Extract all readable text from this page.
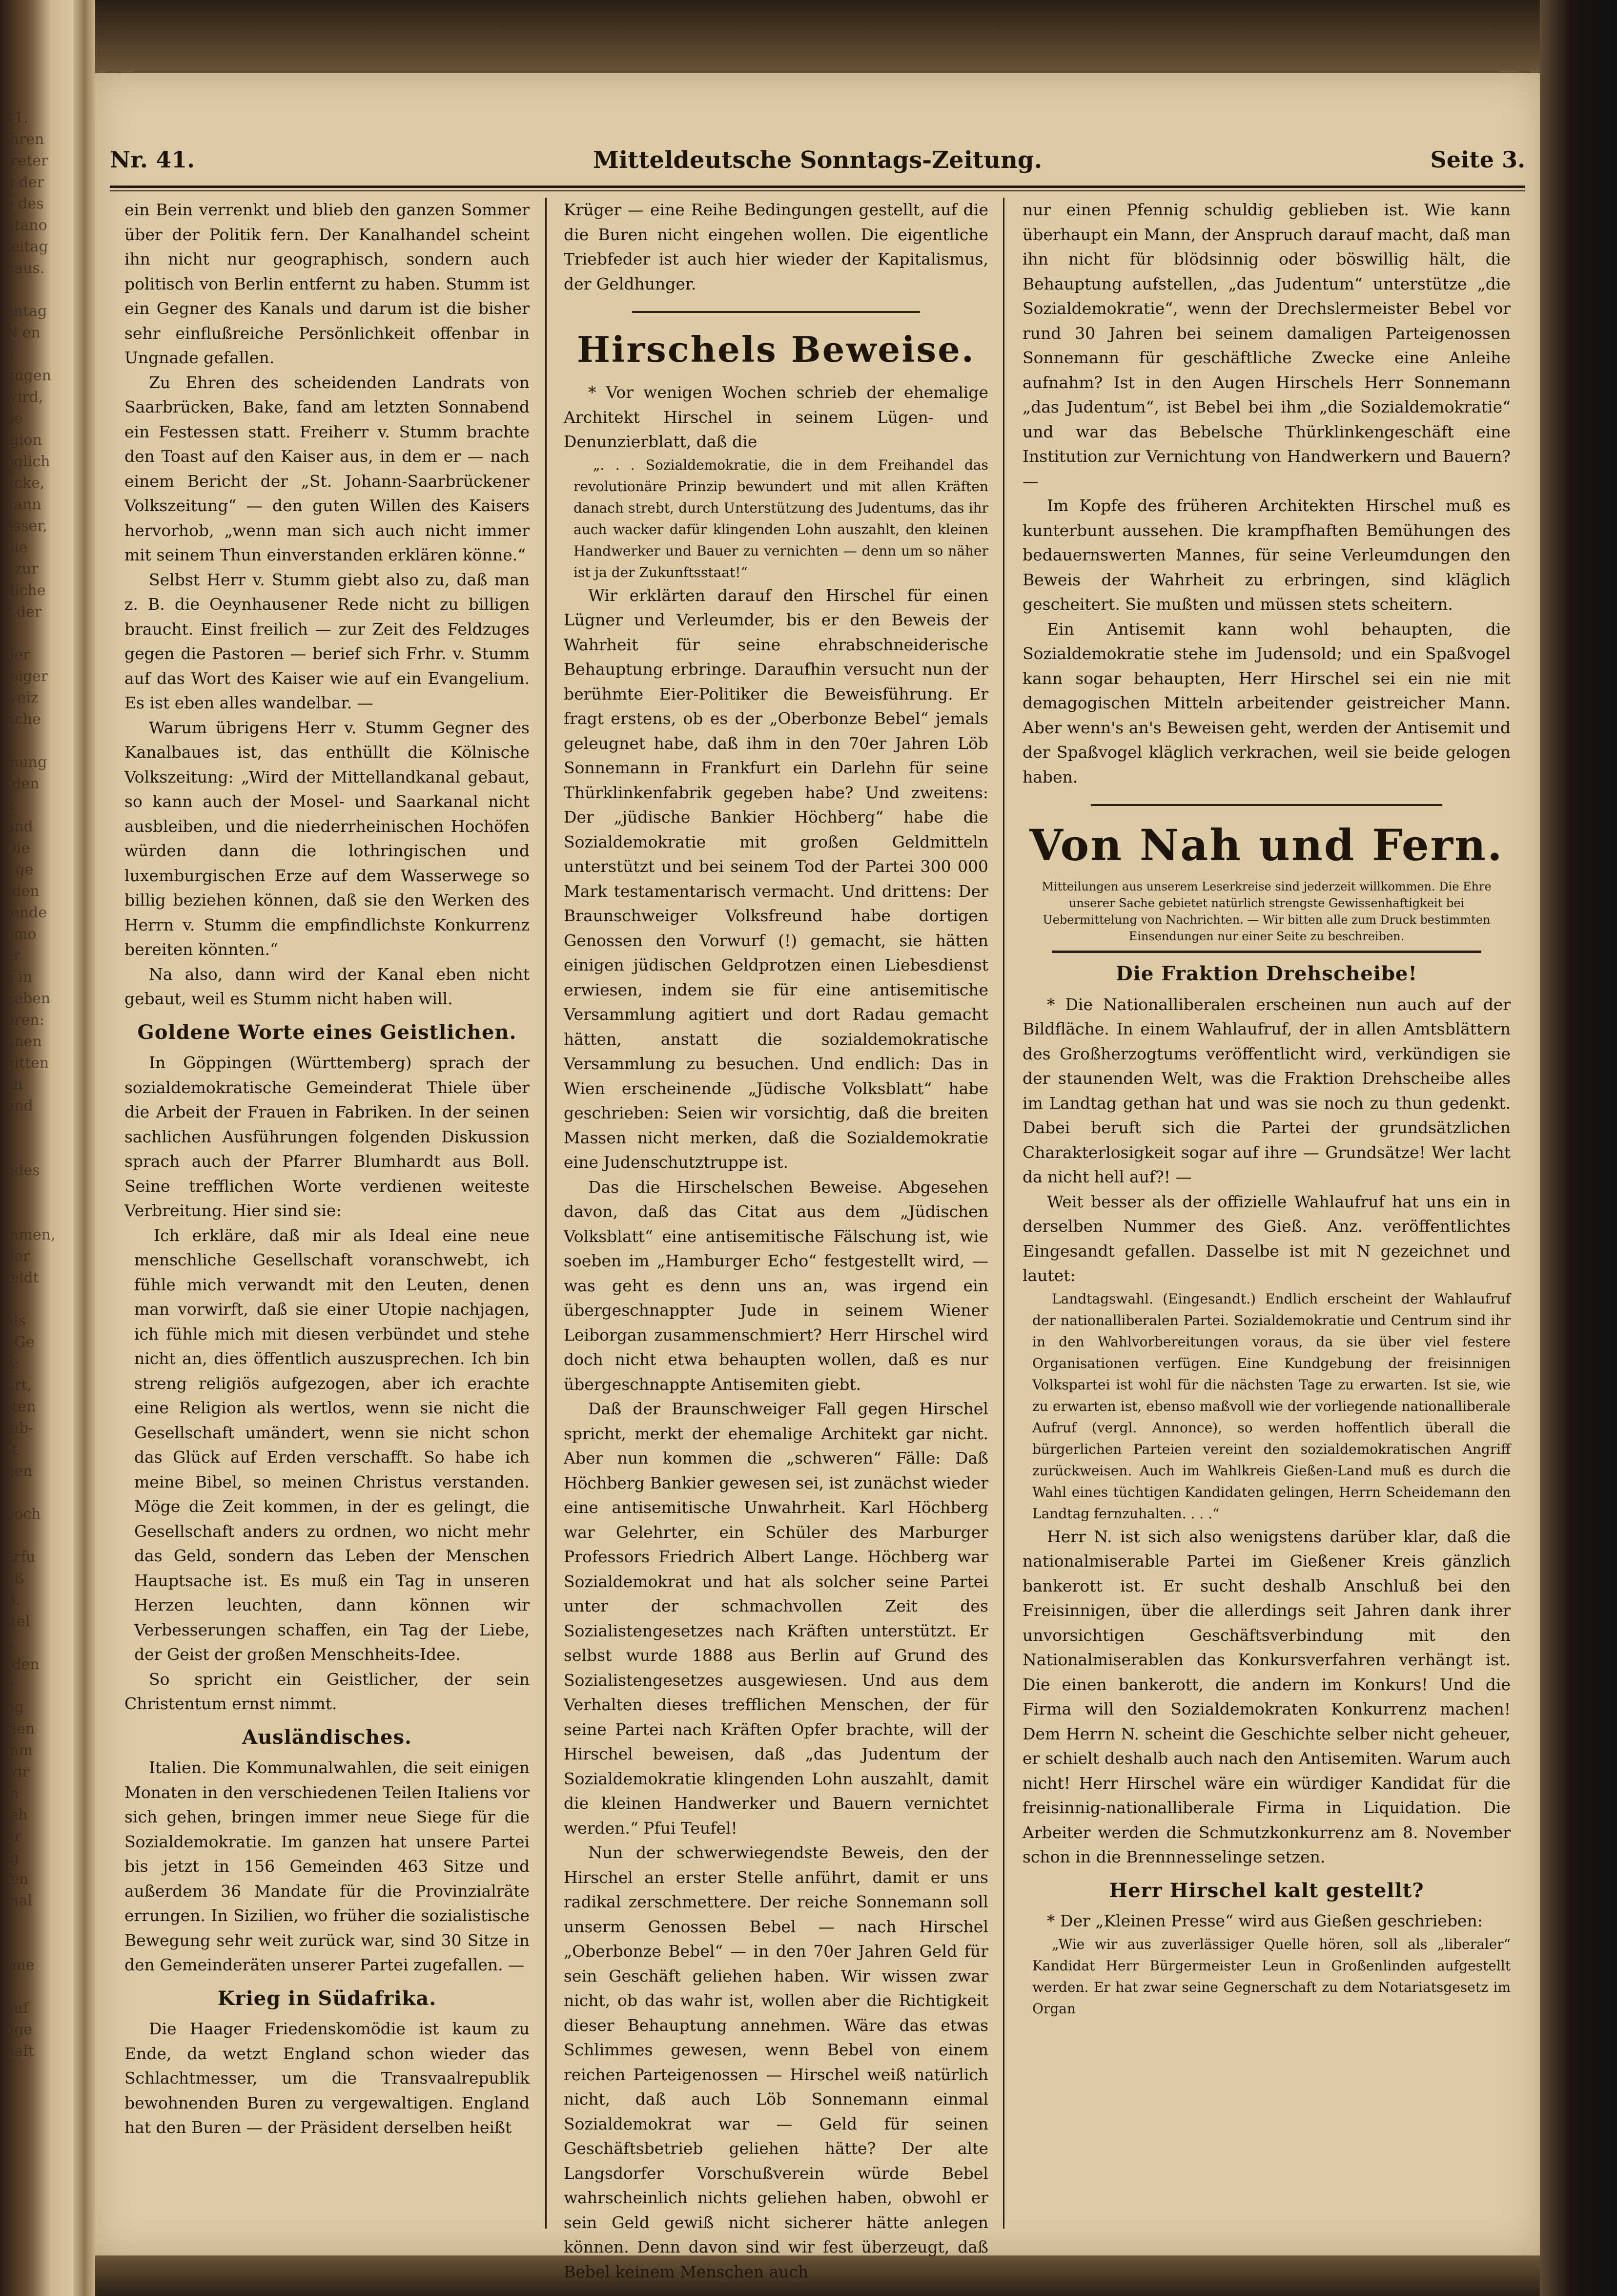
41.
ihren
treter
g der
e des
ntano
teitag
haus.

entag
N en
n
nugen
wird,
be
igion
öglich
licke,
kann
asser,
ilie
, zur
fliche
r der

der
leiger
weiz
fiche

mung
rden
n
und
Die
t ge
rden
tende
omo
er
e in
lieben
bren:
nnen
nitten
en
und

ndes

mmen,
der
feldt

als
. Ge
ß:
hrt,
rten
fab-
rt
nen

noch
t
erfu
nß
B.
ttel
e
rden
n
ng
rien
mm
wir
m
ieh
hr
ig
fen
mal

rme

auf
uge
haft
Nr. 41.	Mitteldeutsche Sonntags-Zeitung.	Seite 3.

ein Bein verrenkt und blieb den ganzen Sommer über der Politik fern. Der Kanalhandel scheint ihn nicht nur geographisch, sondern auch politisch von Berlin entfernt zu haben. Stumm ist ein Gegner des Kanals und darum ist die bisher sehr einflußreiche Persönlichkeit offenbar in Ungnade gefallen.

Zu Ehren des scheidenden Landrats von Saarbrücken, Bake, fand am letzten Sonnabend ein Festessen statt. Freiherr v. Stumm brachte den Toast auf den Kaiser aus, in dem er — nach einem Bericht der „St. Johann-Saarbrückener Volkszeitung“ — den guten Willen des Kaisers hervorhob, „wenn man sich auch nicht immer mit seinem Thun einverstanden erklären könne.“

Selbst Herr v. Stumm giebt also zu, daß man z. B. die Oeynhausener Rede nicht zu billigen braucht. Einst freilich — zur Zeit des Feldzuges gegen die Pastoren — berief sich Frhr. v. Stumm auf das Wort des Kaiser wie auf ein Evangelium. Es ist eben alles wandelbar. —

Warum übrigens Herr v. Stumm Gegner des Kanalbaues ist, das enthüllt die Kölnische Volkszeitung: „Wird der Mittellandkanal gebaut, so kann auch der Mosel- und Saarkanal nicht ausbleiben, und die niederrheinischen Hochöfen würden dann die lothringischen und luxemburgischen Erze auf dem Wasserwege so billig beziehen können, daß sie den Werken des Herrn v. Stumm die empfindlichste Konkurrenz bereiten könnten.“

Na also, dann wird der Kanal eben nicht gebaut, weil es Stumm nicht haben will.

Goldene Worte eines Geistlichen.

In Göppingen (Württemberg) sprach der sozialdemokratische Gemeinderat Thiele über die Arbeit der Frauen in Fabriken. In der seinen sachlichen Ausführungen folgenden Diskussion sprach auch der Pfarrer Blumhardt aus Boll. Seine trefflichen Worte verdienen weiteste Verbreitung. Hier sind sie:

Ich erkläre, daß mir als Ideal eine neue menschliche Gesellschaft voranschwebt, ich fühle mich verwandt mit den Leuten, denen man vorwirft, daß sie einer Utopie nachjagen, ich fühle mich mit diesen verbündet und stehe nicht an, dies öffentlich auszusprechen. Ich bin streng religiös aufgezogen, aber ich erachte eine Religion als wertlos, wenn sie nicht die Gesellschaft umändert, wenn sie nicht schon das Glück auf Erden verschafft. So habe ich meine Bibel, so meinen Christus verstanden. Möge die Zeit kommen, in der es gelingt, die Gesellschaft anders zu ordnen, wo nicht mehr das Geld, sondern das Leben der Menschen Hauptsache ist. Es muß ein Tag in unseren Herzen leuchten, dann können wir Verbesserungen schaffen, ein Tag der Liebe, der Geist der großen Menschheits-Idee.

So spricht ein Geistlicher, der sein Christentum ernst nimmt.

Ausländisches.

Italien. Die Kommunalwahlen, die seit einigen Monaten in den verschiedenen Teilen Italiens vor sich gehen, bringen immer neue Siege für die Sozialdemokratie. Im ganzen hat unsere Partei bis jetzt in 156 Gemeinden 463 Sitze und außerdem 36 Mandate für die Provinzialräte errungen. In Sizilien, wo früher die sozialistische Bewegung sehr weit zurück war, sind 30 Sitze in den Gemeinderäten unserer Partei zugefallen. —

Krieg in Südafrika.

Die Haager Friedenskomödie ist kaum zu Ende, da wetzt England schon wieder das Schlachtmesser, um die Transvaalrepublik bewohnenden Buren zu vergewaltigen. England hat den Buren — der Präsident derselben heißt

Krüger — eine Reihe Bedingungen gestellt, auf die die Buren nicht eingehen wollen. Die eigentliche Triebfeder ist auch hier wieder der Kapitalismus, der Geldhunger.

Hirschels Beweise.

* Vor wenigen Wochen schrieb der ehemalige Architekt Hirschel in seinem Lügen- und Denunzierblatt, daß die

„. . . Sozialdemokratie, die in dem Freihandel das revolutionäre Prinzip bewundert und mit allen Kräften danach strebt, durch Unterstützung des Judentums, das ihr auch wacker dafür klingenden Lohn auszahlt, den kleinen Handwerker und Bauer zu vernichten — denn um so näher ist ja der Zukunftsstaat!“

Wir erklärten darauf den Hirschel für einen Lügner und Verleumder, bis er den Beweis der Wahrheit für seine ehrabschneiderische Behauptung erbringe. Daraufhin versucht nun der berühmte Eier-Politiker die Beweisführung. Er fragt erstens, ob es der „Oberbonze Bebel“ jemals geleugnet habe, daß ihm in den 70er Jahren Löb Sonnemann in Frankfurt ein Darlehn für seine Thürklinkenfabrik gegeben habe? Und zweitens: Der „jüdische Bankier Höchberg“ habe die Sozialdemokratie mit großen Geldmitteln unterstützt und bei seinem Tod der Partei 300 000 Mark testamentarisch vermacht. Und drittens: Der Braunschweiger Volksfreund habe dortigen Genossen den Vorwurf (!) gemacht, sie hätten einigen jüdischen Geldprotzen einen Liebesdienst erwiesen, indem sie für eine antisemitische Versammlung agitiert und dort Radau gemacht hätten, anstatt die sozialdemokratische Versammlung zu besuchen. Und endlich: Das in Wien erscheinende „Jüdische Volksblatt“ habe geschrieben: Seien wir vorsichtig, daß die breiten Massen nicht merken, daß die Sozialdemokratie eine Judenschutztruppe ist.

Das die Hirschelschen Beweise. Abgesehen davon, daß das Citat aus dem „Jüdischen Volksblatt“ eine antisemitische Fälschung ist, wie soeben im „Hamburger Echo“ festgestellt wird, — was geht es denn uns an, was irgend ein übergeschnappter Jude in seinem Wiener Leiborgan zusammenschmiert? Herr Hirschel wird doch nicht etwa behaupten wollen, daß es nur übergeschnappte Antisemiten giebt.

Daß der Braunschweiger Fall gegen Hirschel spricht, merkt der ehemalige Architekt gar nicht. Aber nun kommen die „schweren“ Fälle: Daß Höchberg Bankier gewesen sei, ist zunächst wieder eine antisemitische Unwahrheit. Karl Höchberg war Gelehrter, ein Schüler des Marburger Professors Friedrich Albert Lange. Höchberg war Sozialdemokrat und hat als solcher seine Partei unter der schmachvollen Zeit des Sozialistengesetzes nach Kräften unterstützt. Er selbst wurde 1888 aus Berlin auf Grund des Sozialistengesetzes ausgewiesen. Und aus dem Verhalten dieses trefflichen Menschen, der für seine Partei nach Kräften Opfer brachte, will der Hirschel beweisen, daß „das Judentum der Sozialdemokratie klingenden Lohn auszahlt, damit die kleinen Handwerker und Bauern vernichtet werden.“ Pfui Teufel!

Nun der schwerwiegendste Beweis, den der Hirschel an erster Stelle anführt, damit er uns radikal zerschmettere. Der reiche Sonnemann soll unserm Genossen Bebel — nach Hirschel „Oberbonze Bebel“ — in den 70er Jahren Geld für sein Geschäft geliehen haben. Wir wissen zwar nicht, ob das wahr ist, wollen aber die Richtigkeit dieser Behauptung annehmen. Wäre das etwas Schlimmes gewesen, wenn Bebel von einem reichen Parteigenossen — Hirschel weiß natürlich nicht, daß auch Löb Sonnemann einmal Sozialdemokrat war — Geld für seinen Geschäftsbetrieb geliehen hätte? Der alte Langsdorfer Vorschußverein würde Bebel wahrscheinlich nichts geliehen haben, obwohl er sein Geld gewiß nicht sicherer hätte anlegen können. Denn davon sind wir fest überzeugt, daß Bebel keinem Menschen auch

nur einen Pfennig schuldig geblieben ist. Wie kann überhaupt ein Mann, der Anspruch darauf macht, daß man ihn nicht für blödsinnig oder böswillig hält, die Behauptung aufstellen, „das Judentum“ unterstütze „die Sozialdemokratie“, wenn der Drechslermeister Bebel vor rund 30 Jahren bei seinem damaligen Parteigenossen Sonnemann für geschäftliche Zwecke eine Anleihe aufnahm? Ist in den Augen Hirschels Herr Sonnemann „das Judentum“, ist Bebel bei ihm „die Sozialdemokratie“ und war das Bebelsche Thürklinkengeschäft eine Institution zur Vernichtung von Handwerkern und Bauern? —

Im Kopfe des früheren Architekten Hirschel muß es kunterbunt aussehen. Die krampfhaften Bemühungen des bedauernswerten Mannes, für seine Verleumdungen den Beweis der Wahrheit zu erbringen, sind kläglich gescheitert. Sie mußten und müssen stets scheitern.

Ein Antisemit kann wohl behaupten, die Sozialdemokratie stehe im Judensold; und ein Spaßvogel kann sogar behaupten, Herr Hirschel sei ein nie mit demagogischen Mitteln arbeitender geistreicher Mann. Aber wenn's an's Beweisen geht, werden der Antisemit und der Spaßvogel kläglich verkrachen, weil sie beide gelogen haben.

Von Nah und Fern.

Mitteilungen aus unserem Leserkreise sind jederzeit willkommen. Die Ehre unserer Sache gebietet natürlich strengste Gewissenhaftigkeit bei Uebermittelung von Nachrichten. — Wir bitten alle zum Druck bestimmten Einsendungen nur einer Seite zu beschreiben.

Die Fraktion Drehscheibe!

* Die Nationalliberalen erscheinen nun auch auf der Bildfläche. In einem Wahlaufruf, der in allen Amtsblättern des Großherzogtums veröffentlicht wird, verkündigen sie der staunenden Welt, was die Fraktion Drehscheibe alles im Landtag gethan hat und was sie noch zu thun gedenkt. Dabei beruft sich die Partei der grundsätzlichen Charakterlosigkeit sogar auf ihre — Grundsätze! Wer lacht da nicht hell auf?! —

Weit besser als der offizielle Wahlaufruf hat uns ein in derselben Nummer des Gieß. Anz. veröffentlichtes Eingesandt gefallen. Dasselbe ist mit N gezeichnet und lautet:

Landtagswahl. (Eingesandt.) Endlich erscheint der Wahlaufruf der nationalliberalen Partei. Sozialdemokratie und Centrum sind ihr in den Wahlvorbereitungen voraus, da sie über viel festere Organisationen verfügen. Eine Kundgebung der freisinnigen Volkspartei ist wohl für die nächsten Tage zu erwarten. Ist sie, wie zu erwarten ist, ebenso maßvoll wie der vorliegende nationalliberale Aufruf (vergl. Annonce), so werden hoffentlich überall die bürgerlichen Parteien vereint den sozialdemokratischen Angriff zurückweisen. Auch im Wahlkreis Gießen-Land muß es durch die Wahl eines tüchtigen Kandidaten gelingen, Herrn Scheidemann den Landtag fernzuhalten. . . .“

Herr N. ist sich also wenigstens darüber klar, daß die nationalmiserable Partei im Gießener Kreis gänzlich bankerott ist. Er sucht deshalb Anschluß bei den Freisinnigen, über die allerdings seit Jahren dank ihrer unvorsichtigen Geschäftsverbindung mit den Nationalmiserablen das Konkursverfahren verhängt ist. Die einen bankerott, die andern im Konkurs! Und die Firma will den Sozialdemokraten Konkurrenz machen! Dem Herrn N. scheint die Geschichte selber nicht geheuer, er schielt deshalb auch nach den Antisemiten. Warum auch nicht! Herr Hirschel wäre ein würdiger Kandidat für die freisinnig-nationalliberale Firma in Liquidation. Die Arbeiter werden die Schmutzkonkurrenz am 8. November schon in die Brennnesselinge setzen.

Herr Hirschel kalt gestellt?

* Der „Kleinen Presse“ wird aus Gießen geschrieben:

„Wie wir aus zuverlässiger Quelle hören, soll als „liberaler“ Kandidat Herr Bürgermeister Leun in Großenlinden aufgestellt werden. Er hat zwar seine Gegnerschaft zu dem Notariatsgesetz im Organ
